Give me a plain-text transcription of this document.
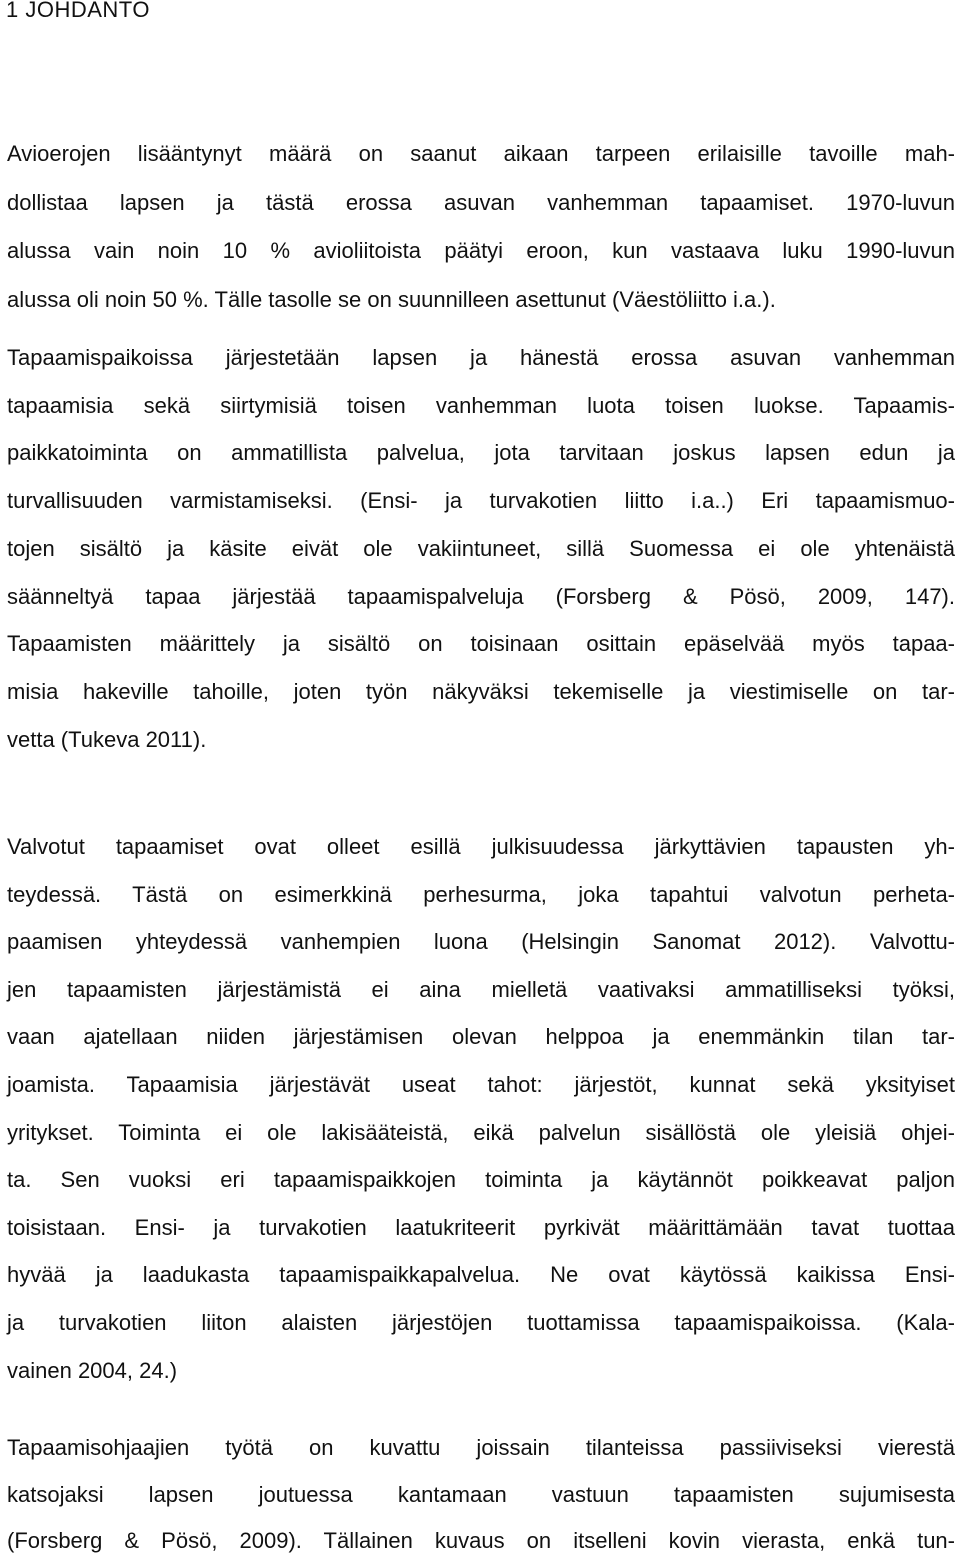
1 JOHDANTO
Avioerojen lisääntynyt määrä on saanut aikaan tarpeen erilaisille tavoille mah-
dollistaa lapsen ja tästä erossa asuvan vanhemman tapaamiset. 1970-luvun
alussa vain noin 10 % avioliitoista päätyi eroon, kun vastaava luku 1990-luvun
alussa oli noin 50 %. Tälle tasolle se on suunnilleen asettunut (Väestöliitto i.a.).
Tapaamispaikoissa järjestetään lapsen ja hänestä erossa asuvan vanhemman
tapaamisia sekä siirtymisiä toisen vanhemman luota toisen luokse. Tapaamis-
paikkatoiminta on ammatillista palvelua, jota tarvitaan joskus lapsen edun ja
turvallisuuden varmistamiseksi. (Ensi- ja turvakotien liitto i.a..) Eri tapaamismuo-
tojen sisältö ja käsite eivät ole vakiintuneet, sillä Suomessa ei ole yhtenäistä
säänneltyä tapaa järjestää tapaamispalveluja (Forsberg & Pösö, 2009, 147).
Tapaamisten määrittely ja sisältö on toisinaan osittain epäselvää myös tapaa-
misia hakeville tahoille, joten työn näkyväksi tekemiselle ja viestimiselle on tar-
vetta (Tukeva 2011).
Valvotut tapaamiset ovat olleet esillä julkisuudessa järkyttävien tapausten yh-
teydessä. Tästä on esimerkkinä perhesurma, joka tapahtui valvotun perheta-
paamisen yhteydessä vanhempien luona (Helsingin Sanomat 2012). Valvottu-
jen tapaamisten järjestämistä ei aina mielletä vaativaksi ammatilliseksi työksi,
vaan ajatellaan niiden järjestämisen olevan helppoa ja enemmänkin tilan tar-
joamista. Tapaamisia järjestävät useat tahot: järjestöt, kunnat sekä yksityiset
yritykset. Toiminta ei ole lakisääteistä, eikä palvelun sisällöstä ole yleisiä ohjei-
ta. Sen vuoksi eri tapaamispaikkojen toiminta ja käytännöt poikkeavat paljon
toisistaan. Ensi- ja turvakotien laatukriteerit pyrkivät määrittämään tavat tuottaa
hyvää ja laadukasta tapaamispaikkapalvelua. Ne ovat käytössä kaikissa Ensi-
ja turvakotien liiton alaisten järjestöjen tuottamissa tapaamispaikoissa. (Kala-
vainen 2004, 24.)
Tapaamisohjaajien työtä on kuvattu joissain tilanteissa passiiviseksi vierestä
katsojaksi lapsen joutuessa kantamaan vastuun tapaamisten sujumisesta
(Forsberg & Pösö, 2009). Tällainen kuvaus on itselleni kovin vierasta, enkä tun-
